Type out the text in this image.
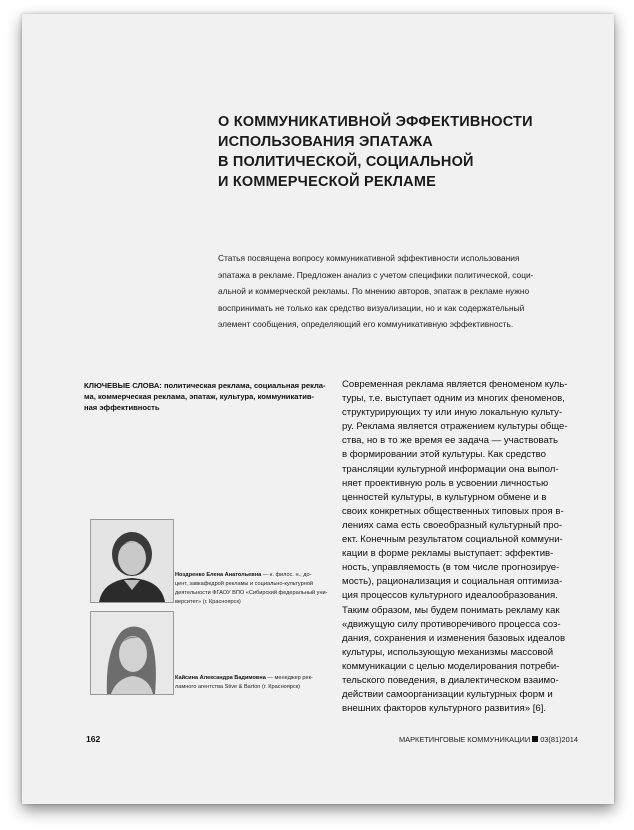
О КОММУНИКАТИВНОЙ ЭФФЕКТИВНОСТИ
ИСПОЛЬЗОВАНИЯ ЭПАТАЖА
В ПОЛИТИЧЕСКОЙ, СОЦИАЛЬНОЙ
И КОММЕРЧЕСКОЙ РЕКЛАМЕ
Статья посвящена вопросу коммуникативной эффективности использования
эпатажа в рекламе. Предложен анализ с учетом специфики политической, соци-
альной и коммерческой рекламы. По мнению авторов, эпатаж в рекламе нужно
воспринимать не только как средство визуализации, но и как содержательный
элемент сообщения, определяющий его коммуникативную эффективность.
КЛЮЧЕВЫЕ СЛОВА: политическая реклама, социальная рекла-
ма, коммерческая реклама, эпатаж, культура, коммуникатив-
ная эффективность
Современная реклама является феноменом куль-
туры, т.е. выступает одним из многих феноменов,
структурирующих ту или иную локальную культу-
ру. Реклама является отражением культуры обще-
ства, но в то же время ее задача — участвовать
в формировании этой культуры. Как средство
трансляции культурной информации она выпол-
няет проективную роль в усвоении личностью
ценностей культуры, в культурном обмене и в
своих конкретных общественных типовых проя в-
лениях сама есть своеобразный культурный про-
ект. Конечным результатом социальной коммуни-
кации в форме рекламы выступает: эффектив-
ность, управляемость (в том числе прогнозируе-
мость), рационализация и социальная оптимиза-
ция процессов культурного идеалообразования.
Таким образом, мы будем понимать рекламу как
«движущую силу противоречивого процесса соз-
дания, сохранения и изменения базовых идеалов
культуры, использующую механизмы массовой
коммуникации с целью моделирования потреби-
тельского поведения, в диалектическом взаимо-
действии самоорганизации культурных форм и
внешних факторов культурного развития» [6].
Ноздренко Елена Анатольевна — к. филос. н., до-
цент, завкафедрой рекламы и социально-культурной
деятельности ФГАОУ ВПО «Сибирский федеральный уни-
верситет» (г. Красноярск)
Кайсина Александра Вадимовна — менеджер рек-
ламного агентства Stive & Barton (г. Красноярск)
162	МАРКЕТИНГОВЫЕ КОММУНИКАЦИИ 03(81)2014
